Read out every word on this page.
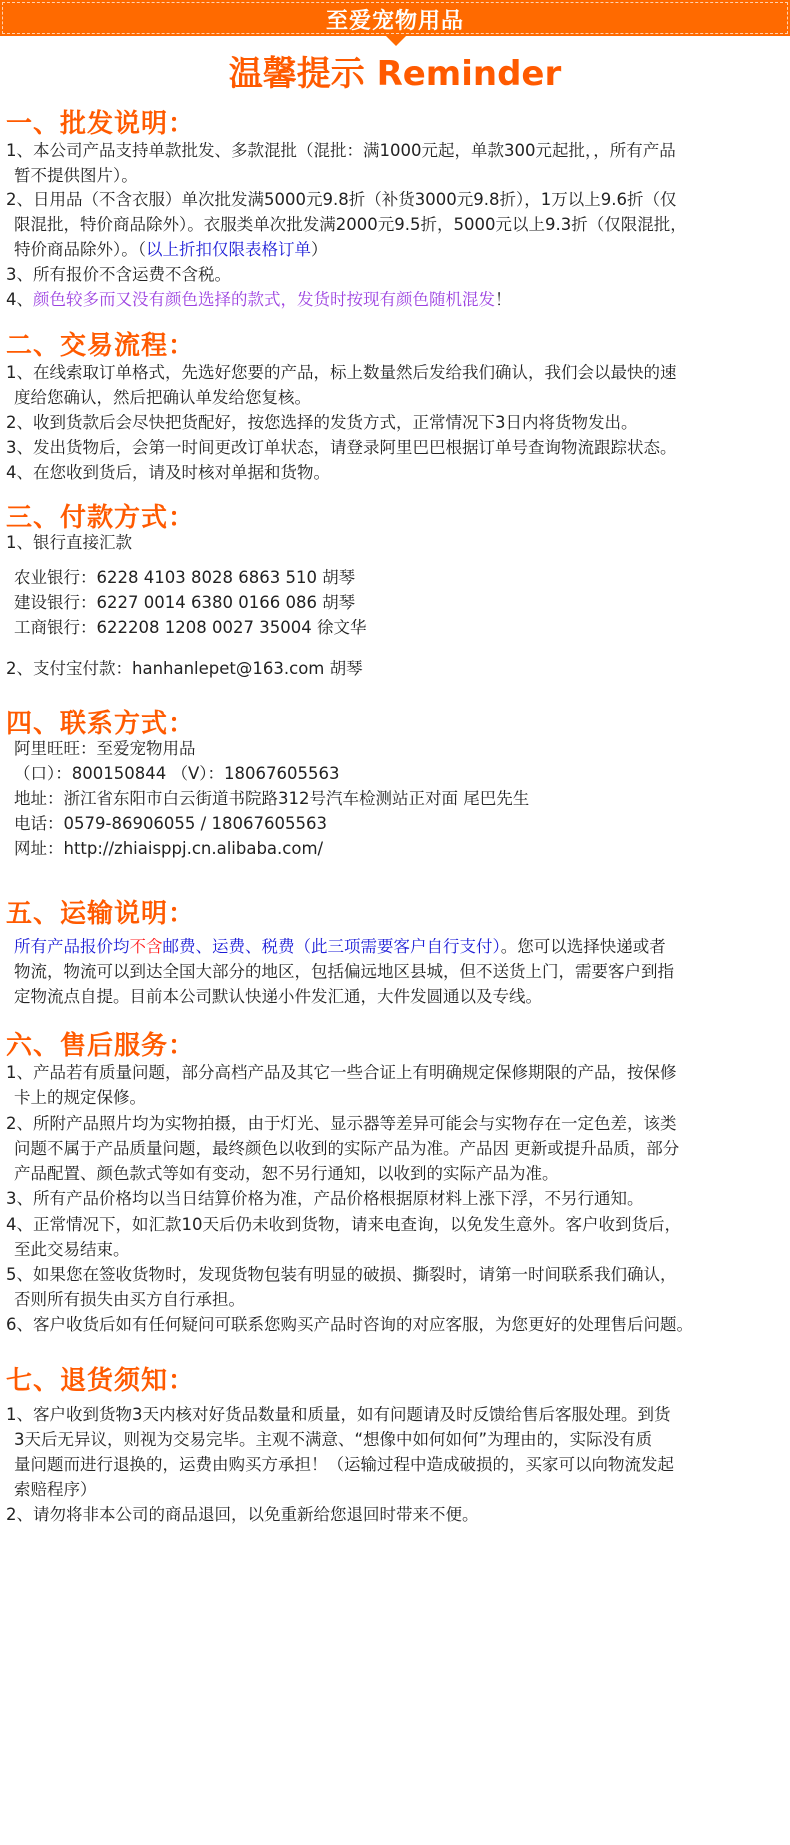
至爱宠物用品
温馨提示 Reminder
一、批发说明：
1、本公司产品支持单款批发、多款混批（混批：满1000元起，单款300元起批，，所有产品
暂不提供图片）。
2、日用品（不含衣服）单次批发满5000元9.8折（补货3000元9.8折），1万以上9.6折（仅
限混批，特价商品除外）。衣服类单次批发满2000元9.5折，5000元以上9.3折（仅限混批，
特价商品除外）。（以上折扣仅限表格订单）
3、所有报价不含运费不含税。
4、颜色较多而又没有颜色选择的款式，发货时按现有颜色随机混发！
二、交易流程：
1、在线索取订单格式，先选好您要的产品，标上数量然后发给我们确认，我们会以最快的速
度给您确认，然后把确认单发给您复核。
2、收到货款后会尽快把货配好，按您选择的发货方式，正常情况下3日内将货物发出。
3、发出货物后，会第一时间更改订单状态，请登录阿里巴巴根据订单号查询物流跟踪状态。
4、在您收到货后，请及时核对单据和货物。
三、付款方式：
1、银行直接汇款
农业银行：6228 4103 8028 6863 510 胡琴
建设银行：6227 0014 6380 0166 086 胡琴
工商银行：622208 1208 0027 35004 徐文华
2、支付宝付款：hanhanlepet@163.com 胡琴
四、联系方式：
阿里旺旺：至爱宠物用品
（口）：800150844 （V）：18067605563
地址：浙江省东阳市白云街道书院路312号汽车检测站正对面 尾巴先生
电话：0579-86906055 / 18067605563
网址：http://zhiaisppj.cn.alibaba.com/
五、运输说明：
所有产品报价均不含邮费、运费、税费（此三项需要客户自行支付）。您可以选择快递或者
物流，物流可以到达全国大部分的地区，包括偏远地区县城，但不送货上门，需要客户到指
定物流点自提。目前本公司默认快递小件发汇通，大件发圆通以及专线。
六、售后服务：
1、产品若有质量问题，部分高档产品及其它一些合证上有明确规定保修期限的产品，按保修
卡上的规定保修。
2、所附产品照片均为实物拍摄，由于灯光、显示器等差异可能会与实物存在一定色差，该类
问题不属于产品质量问题，最终颜色以收到的实际产品为准。产品因 更新或提升品质，部分
产品配置、颜色款式等如有变动，恕不另行通知，以收到的实际产品为准。
3、所有产品价格均以当日结算价格为准，产品价格根据原材料上涨下浮，不另行通知。
4、正常情况下，如汇款10天后仍未收到货物，请来电查询，以免发生意外。客户收到货后，
至此交易结束。
5、如果您在签收货物时，发现货物包装有明显的破损、撕裂时，请第一时间联系我们确认，
否则所有损失由买方自行承担。
6、客户收货后如有任何疑问可联系您购买产品时咨询的对应客服，为您更好的处理售后问题。
七、退货须知：
1、客户收到货物3天内核对好货品数量和质量，如有问题请及时反馈给售后客服处理。到货
3天后无异议，则视为交易完毕。主观不满意、“想像中如何如何”为理由的，实际没有质
量问题而进行退换的，运费由购买方承担！（运输过程中造成破损的，买家可以向物流发起
索赔程序）
2、请勿将非本公司的商品退回，以免重新给您退回时带来不便。
